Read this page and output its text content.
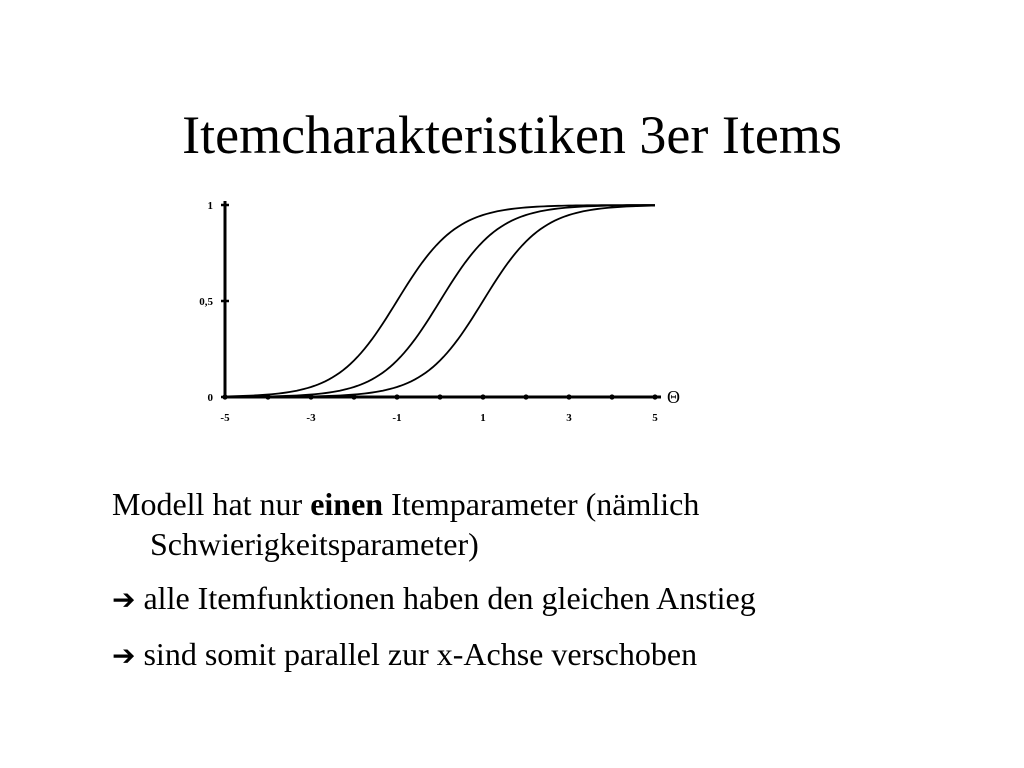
Itemcharakteristiken 3er Items
-5	-3	-1	1	3	5
0
0,5
1
Θ
Modell hat nur einen Itemparameter (nämlich Schwierigkeitsparameter)
➔ alle Itemfunktionen haben den gleichen Anstieg
➔ sind somit parallel zur x-Achse verschoben
